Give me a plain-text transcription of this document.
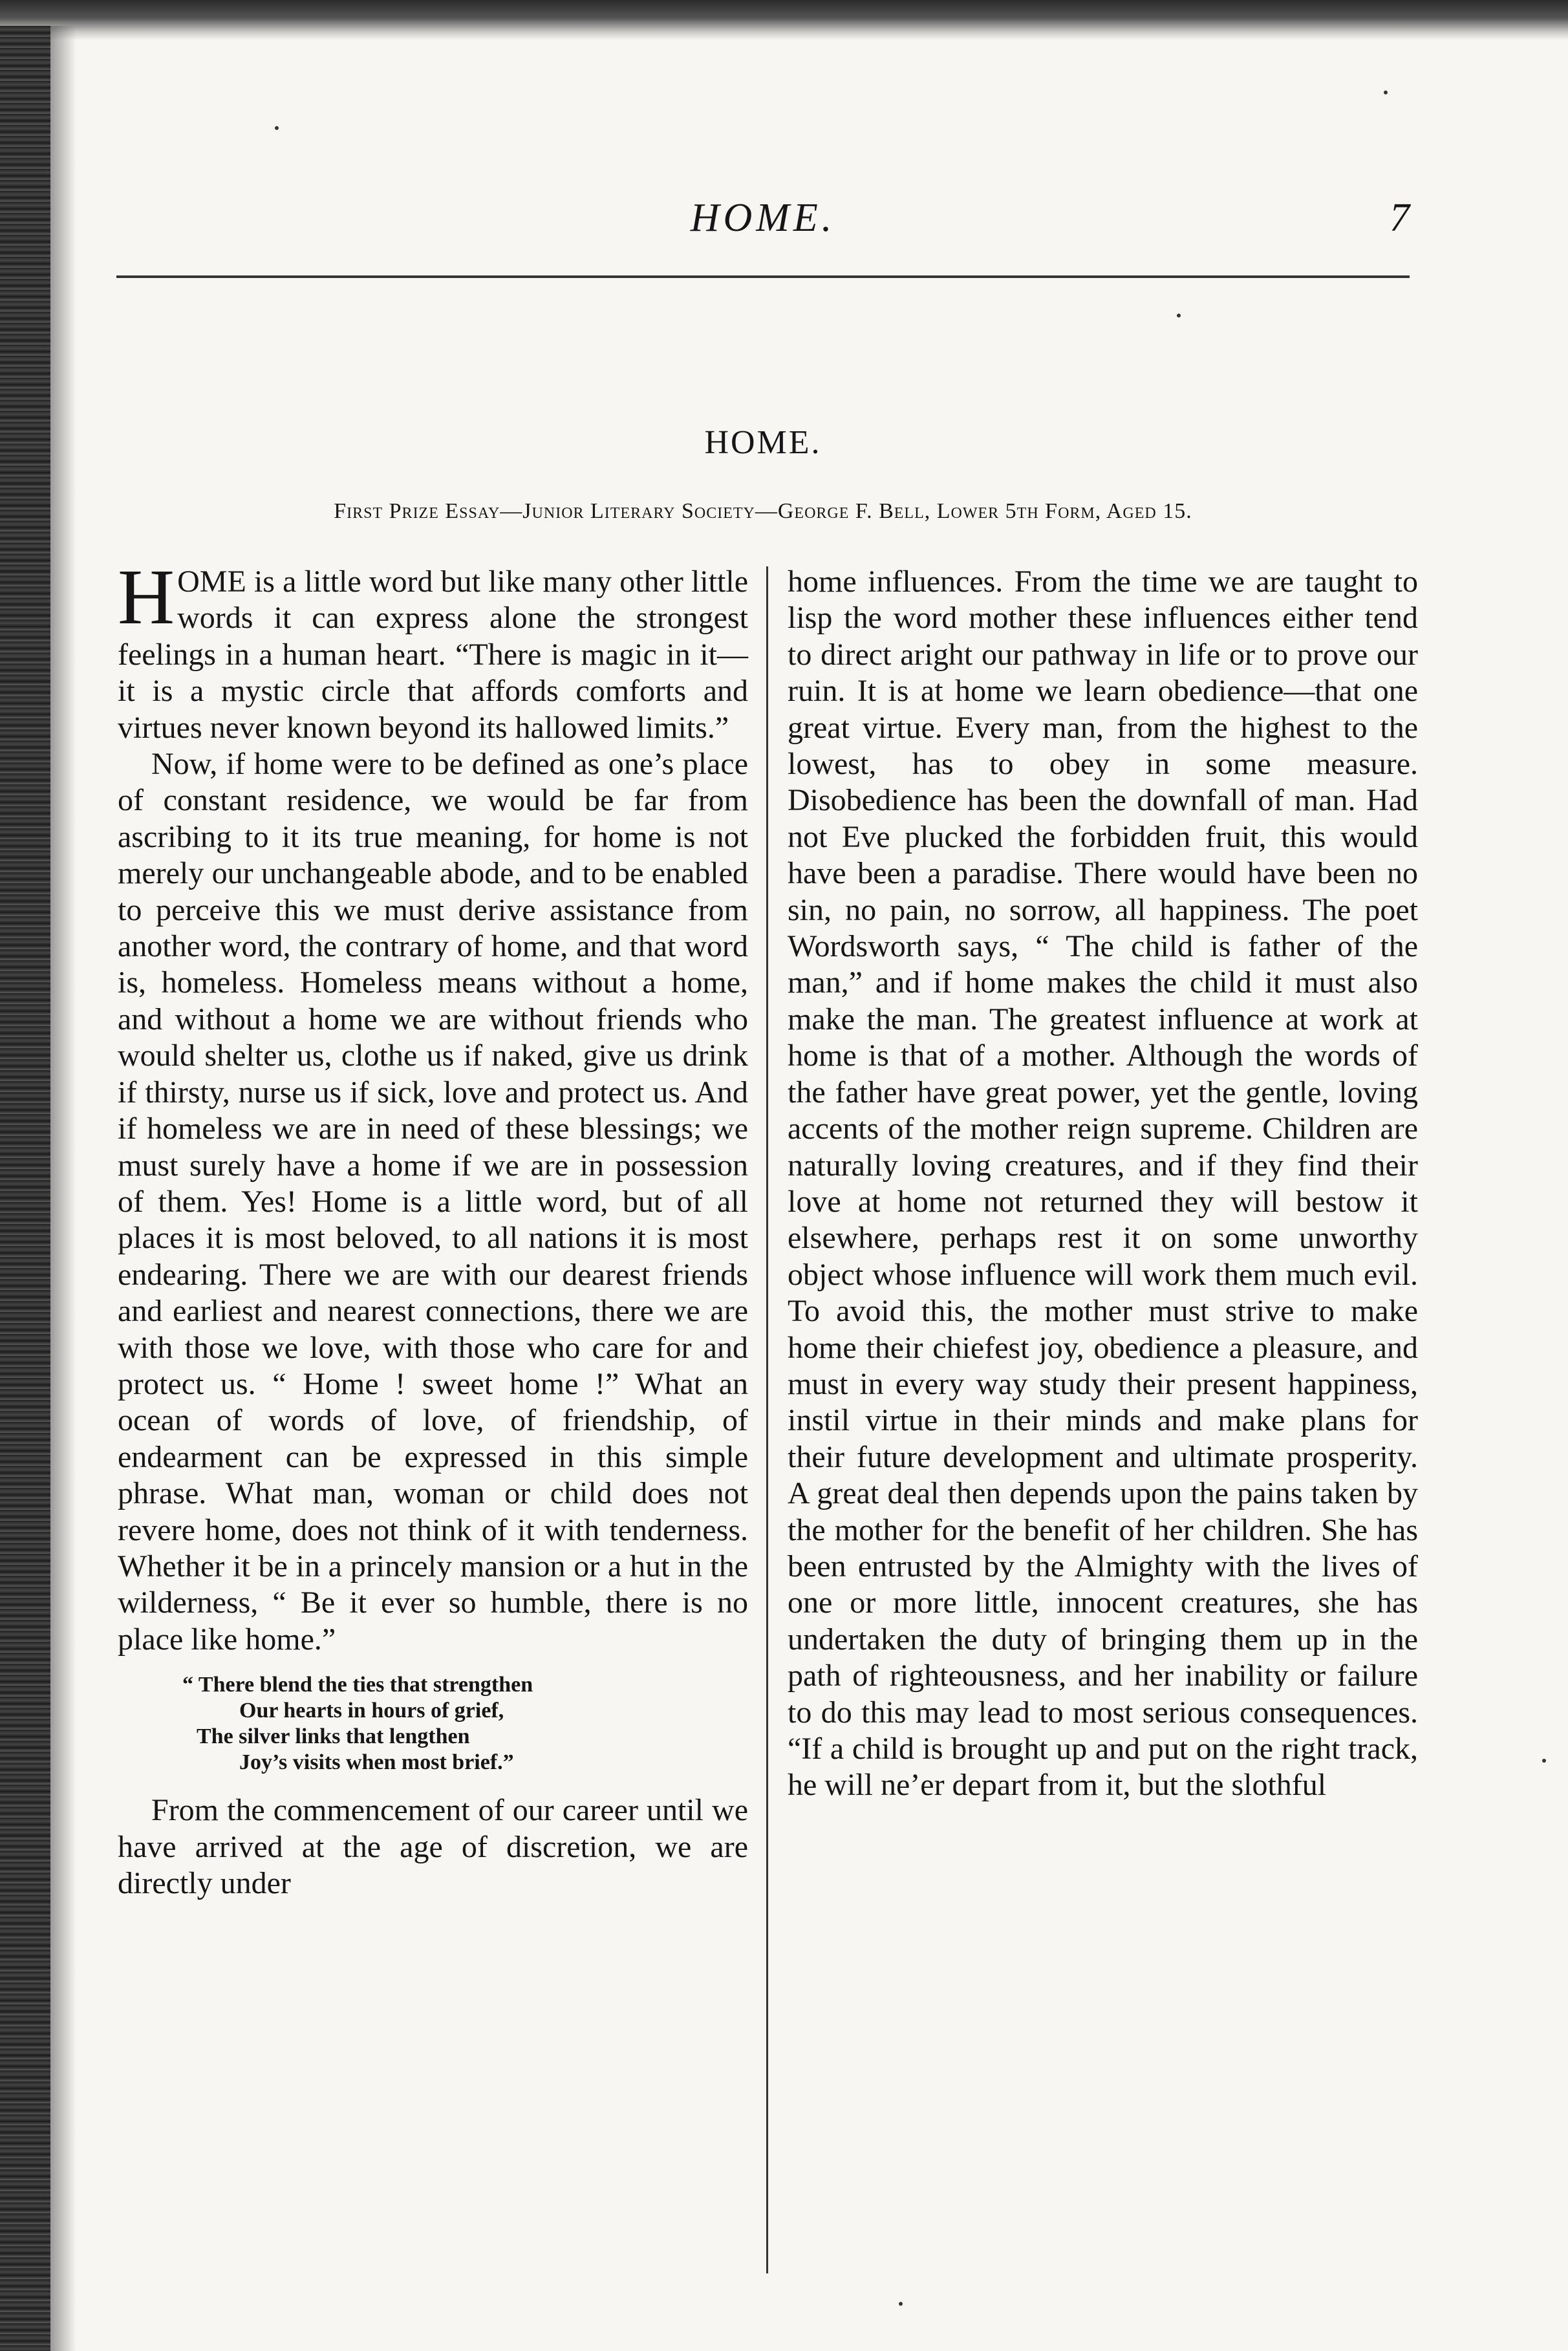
HOME.	7
HOME.
First Prize Essay—Junior Literary Society—George F. Bell, Lower 5th Form, Aged 15.

HOME is a little word but like many other little words it can express alone the strongest feelings in a human heart. “There is magic in it—it is a mystic circle that affords comforts and virtues never known beyond its hallowed limits.”

Now, if home were to be defined as one’s place of constant residence, we would be far from ascribing to it its true meaning, for home is not merely our unchangeable abode, and to be enabled to perceive this we must derive assistance from another word, the contrary of home, and that word is, homeless. Homeless means without a home, and without a home we are without friends who would shelter us, clothe us if naked, give us drink if thirsty, nurse us if sick, love and protect us. And if homeless we are in need of these blessings; we must surely have a home if we are in possession of them. Yes! Home is a little word, but of all places it is most beloved, to all nations it is most endearing. There we are with our dearest friends and earliest and nearest connections, there we are with those we love, with those who care for and protect us. “ Home ! sweet home !” What an ocean of words of love, of friendship, of endearment can be expressed in this simple phrase. What man, woman or child does not revere home, does not think of it with tenderness. Whether it be in a princely mansion or a hut in the wilderness, “ Be it ever so humble, there is no place like home.”

“ There blend the ties that strengthen
Our hearts in hours of grief,
The silver links that lengthen
Joy’s visits when most brief.”

From the commencement of our career until we have arrived at the age of discretion, we are directly under

home influences. From the time we are taught to lisp the word mother these influences either tend to direct aright our pathway in life or to prove our ruin. It is at home we learn obedience—that one great virtue. Every man, from the highest to the lowest, has to obey in some measure. Disobedience has been the downfall of man. Had not Eve plucked the forbidden fruit, this would have been a paradise. There would have been no sin, no pain, no sorrow, all happiness. The poet Wordsworth says, “ The child is father of the man,” and if home makes the child it must also make the man. The greatest influence at work at home is that of a mother. Although the words of the father have great power, yet the gentle, loving accents of the mother reign supreme. Children are naturally loving creatures, and if they find their love at home not returned they will bestow it elsewhere, perhaps rest it on some unworthy object whose influence will work them much evil. To avoid this, the mother must strive to make home their chiefest joy, obedience a pleasure, and must in every way study their present happiness, instil virtue in their minds and make plans for their future development and ultimate prosperity. A great deal then depends upon the pains taken by the mother for the benefit of her children. She has been entrusted by the Almighty with the lives of one or more little, innocent creatures, she has undertaken the duty of bringing them up in the path of righteousness, and her inability or failure to do this may lead to most serious consequences. “If a child is brought up and put on the right track, he will ne’er depart from it, but the slothful
